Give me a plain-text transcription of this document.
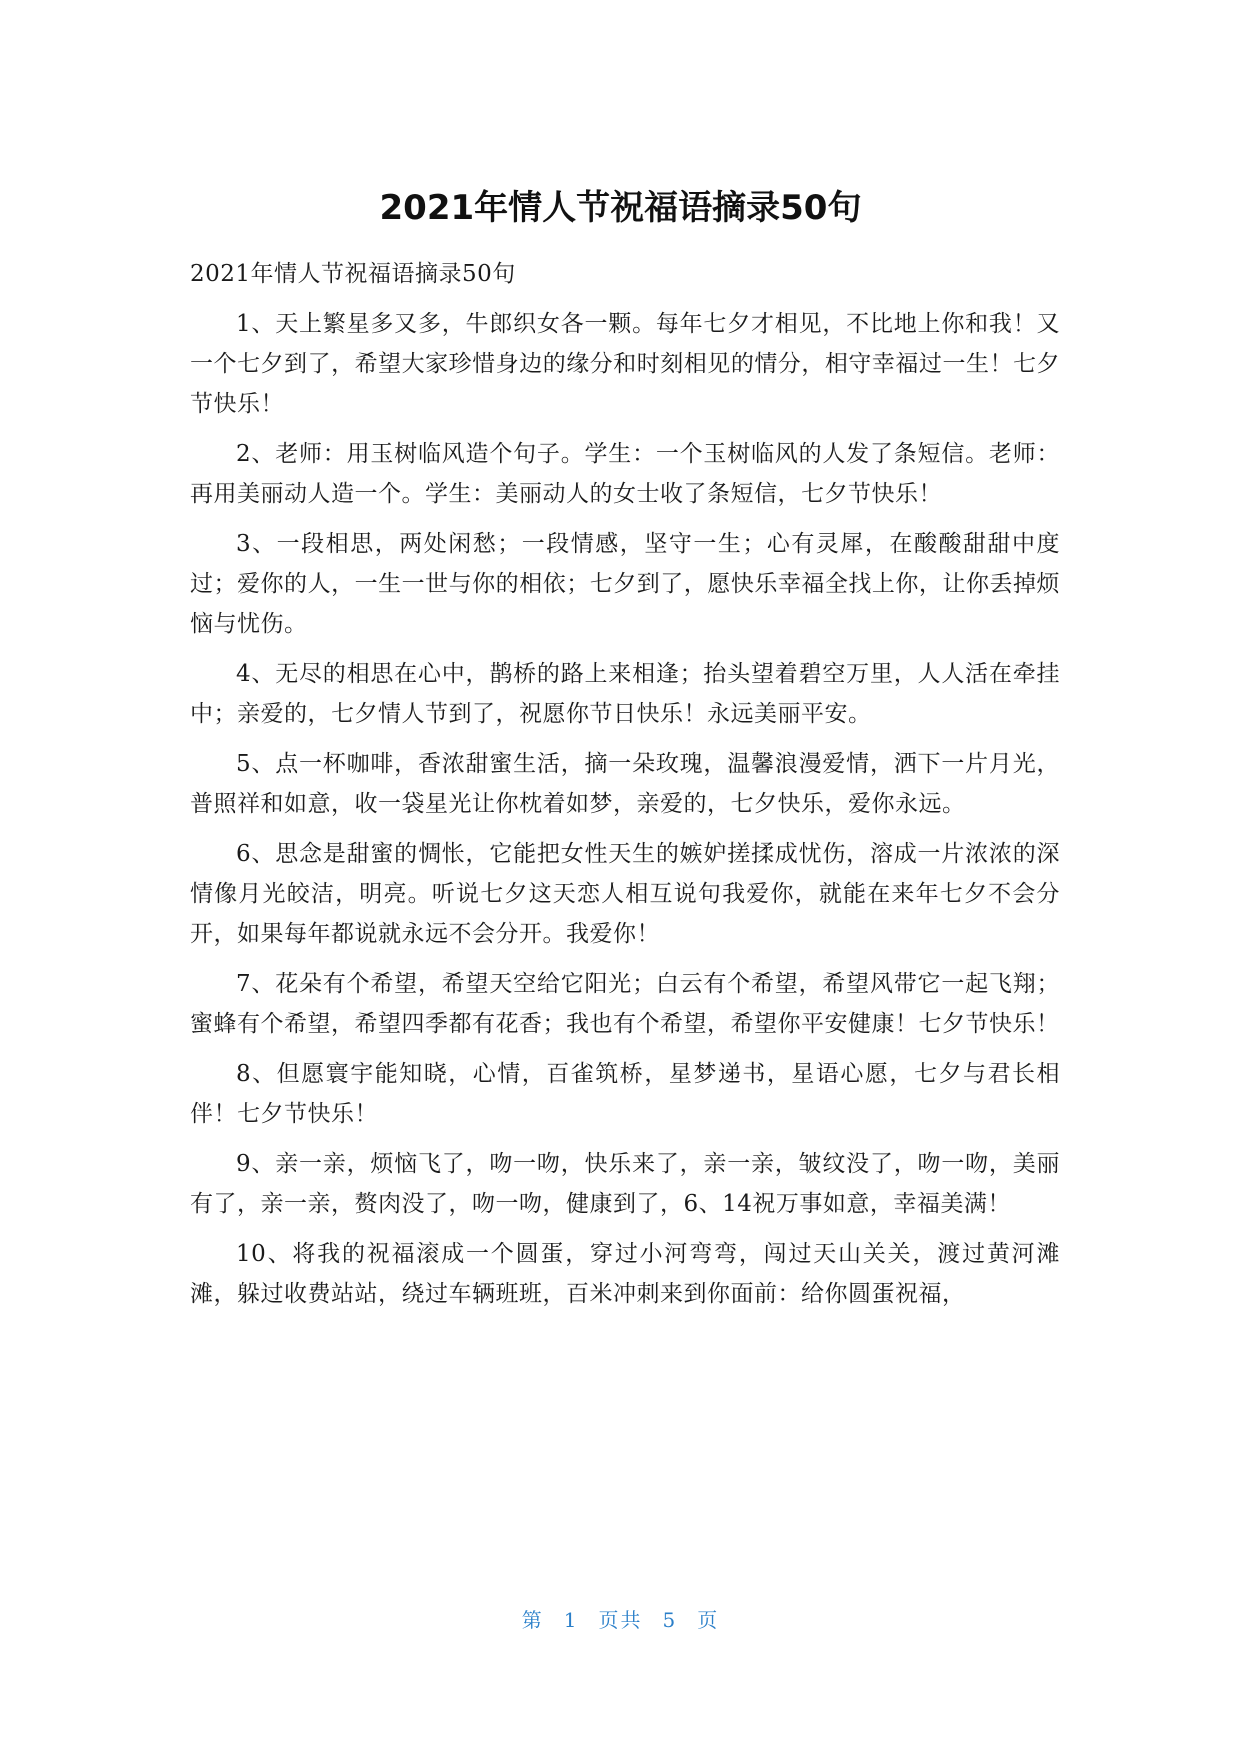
2021年情人节祝福语摘录50句

2021年情人节祝福语摘录50句

1、天上繁星多又多，牛郎织女各一颗。每年七夕才相见，不比地上你和我！又一个七夕到了，希望大家珍惜身边的缘分和时刻相见的情分，相守幸福过一生！七夕节快乐！

2、老师：用玉树临风造个句子。学生：一个玉树临风的人发了条短信。老师：再用美丽动人造一个。学生：美丽动人的女士收了条短信，七夕节快乐！

3、一段相思，两处闲愁；一段情感，坚守一生；心有灵犀，在酸酸甜甜中度过；爱你的人，一生一世与你的相依；七夕到了，愿快乐幸福全找上你，让你丢掉烦恼与忧伤。

4、无尽的相思在心中，鹊桥的路上来相逢；抬头望着碧空万里，人人活在牵挂中；亲爱的，七夕情人节到了，祝愿你节日快乐！永远美丽平安。

5、点一杯咖啡，香浓甜蜜生活，摘一朵玫瑰，温馨浪漫爱情，洒下一片月光，普照祥和如意，收一袋星光让你枕着如梦，亲爱的，七夕快乐，爱你永远。

6、思念是甜蜜的惆怅，它能把女性天生的嫉妒搓揉成忧伤，溶成一片浓浓的深情像月光皎洁，明亮。听说七夕这天恋人相互说句我爱你，就能在来年七夕不会分开，如果每年都说就永远不会分开。我爱你！

7、花朵有个希望，希望天空给它阳光；白云有个希望，希望风带它一起飞翔；蜜蜂有个希望，希望四季都有花香；我也有个希望，希望你平安健康！七夕节快乐！

8、但愿寰宇能知晓，心情，百雀筑桥，星梦递书，星语心愿，七夕与君长相伴！七夕节快乐！

9、亲一亲，烦恼飞了，吻一吻，快乐来了，亲一亲，皱纹没了，吻一吻，美丽有了，亲一亲，赘肉没了，吻一吻，健康到了，6、14祝万事如意，幸福美满！

10、将我的祝福滚成一个圆蛋，穿过小河弯弯，闯过天山关关，渡过黄河滩滩，躲过收费站站，绕过车辆班班，百米冲刺来到你面前：给你圆蛋祝福，

第 1 页共 5 页
